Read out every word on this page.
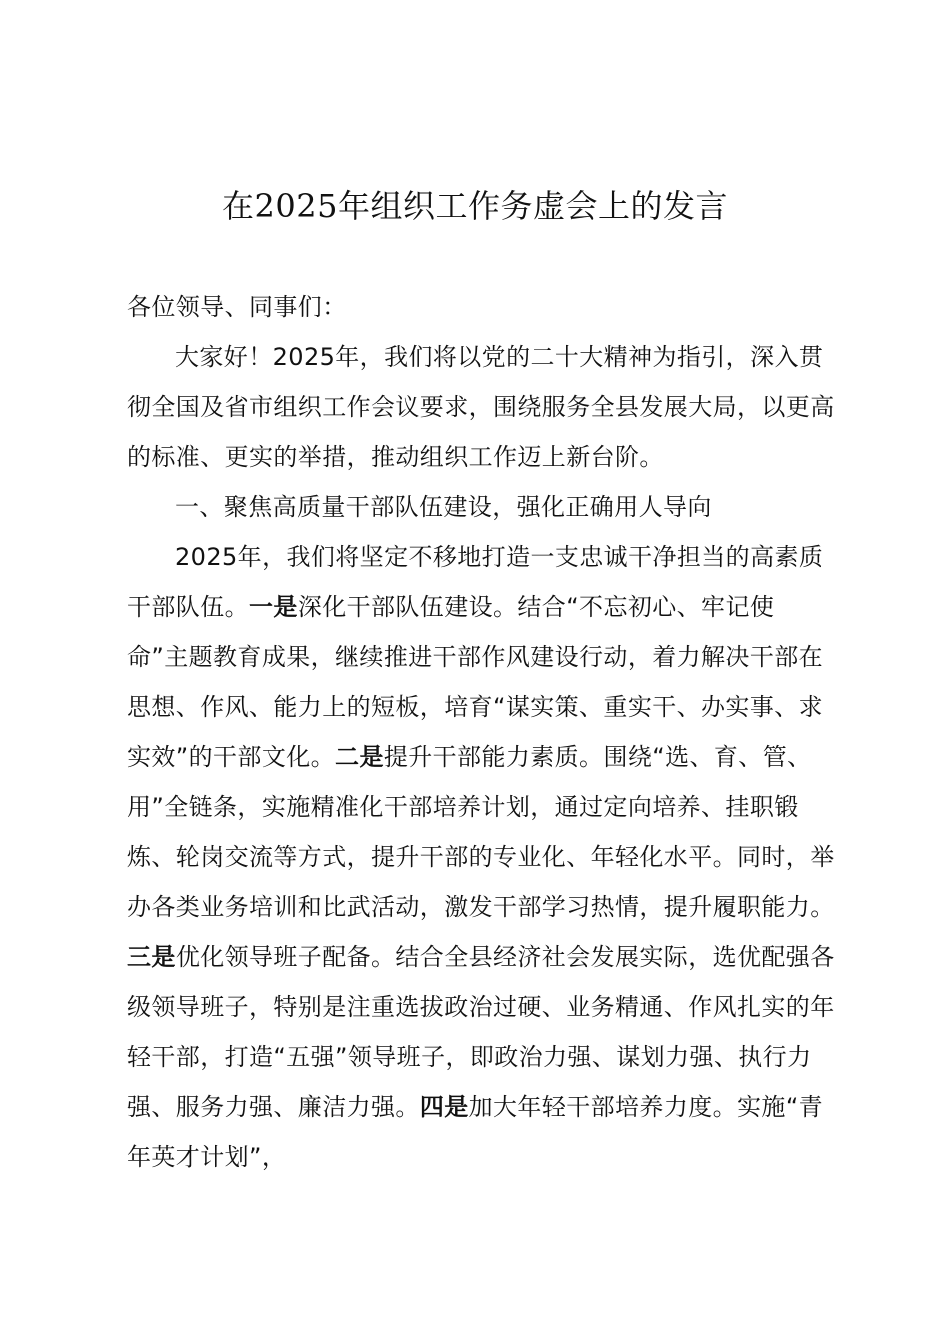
在2025年组织工作务虚会上的发言

各位领导、同事们：

大家好！2025年，我们将以党的二十大精神为指引，深入贯彻全国及省市组织工作会议要求，围绕服务全县发展大局，以更高的标准、更实的举措，推动组织工作迈上新台阶。

一、聚焦高质量干部队伍建设，强化正确用人导向

2025年，我们将坚定不移地打造一支忠诚干净担当的高素质干部队伍。一是深化干部队伍建设。结合“不忘初心、牢记使命”主题教育成果，继续推进干部作风建设行动，着力解决干部在思想、作风、能力上的短板，培育“谋实策、重实干、办实事、求实效”的干部文化。二是提升干部能力素质。围绕“选、育、管、用”全链条，实施精准化干部培养计划，通过定向培养、挂职锻炼、轮岗交流等方式，提升干部的专业化、年轻化水平。同时，举办各类业务培训和比武活动，激发干部学习热情，提升履职能力。三是优化领导班子配备。结合全县经济社会发展实际，选优配强各级领导班子，特别是注重选拔政治过硬、业务精通、作风扎实的年轻干部，打造“五强”领导班子，即政治力强、谋划力强、执行力强、服务力强、廉洁力强。四是加大年轻干部培养力度。实施“青年英才计划”，
